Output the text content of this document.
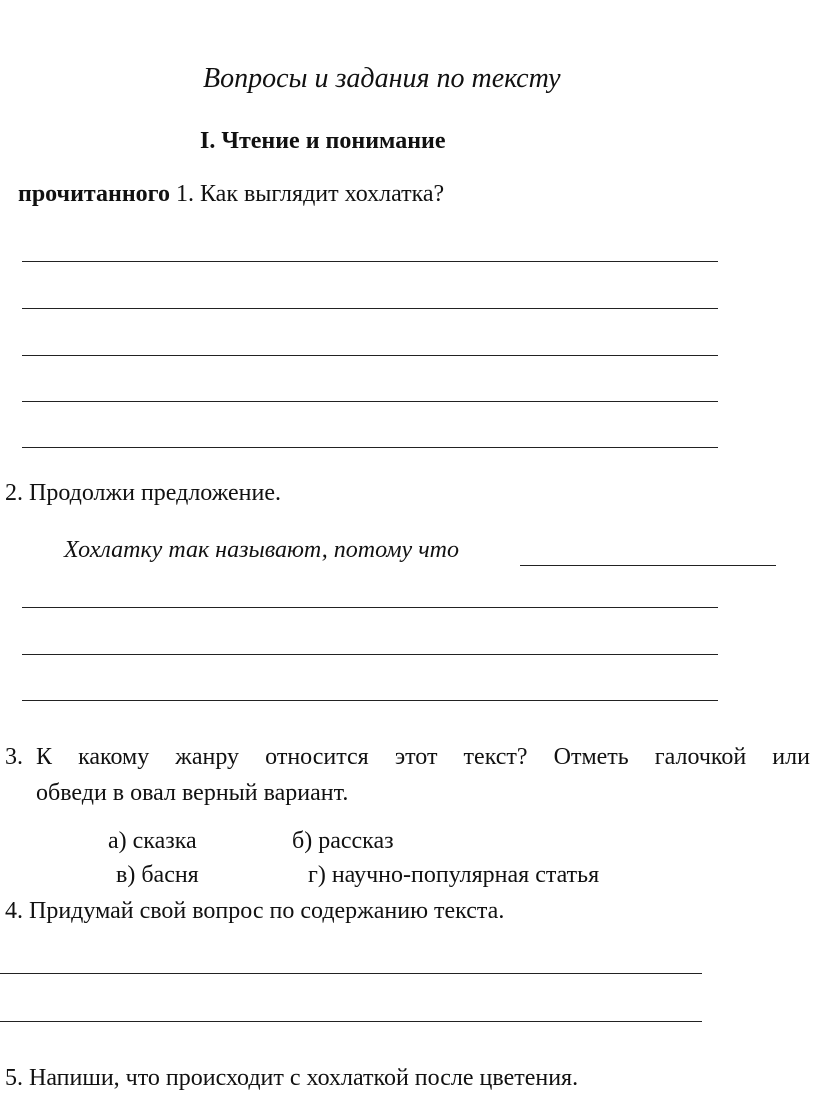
Вопросы и задания по тексту
I. Чтение и понимание
прочитанного 1. Как выглядит хохлатка?
2. Продолжи предложение.
Хохлатку так называют, потому что
3. К какому жанру относится этот текст? Отметь галочкой или
обведи в овал верный вариант.
а) сказка	б) рассказ
в) басня	г) научно-популярная статья
4. Придумай свой вопрос по содержанию текста.
5. Напиши, что происходит с хохлаткой после цветения.
